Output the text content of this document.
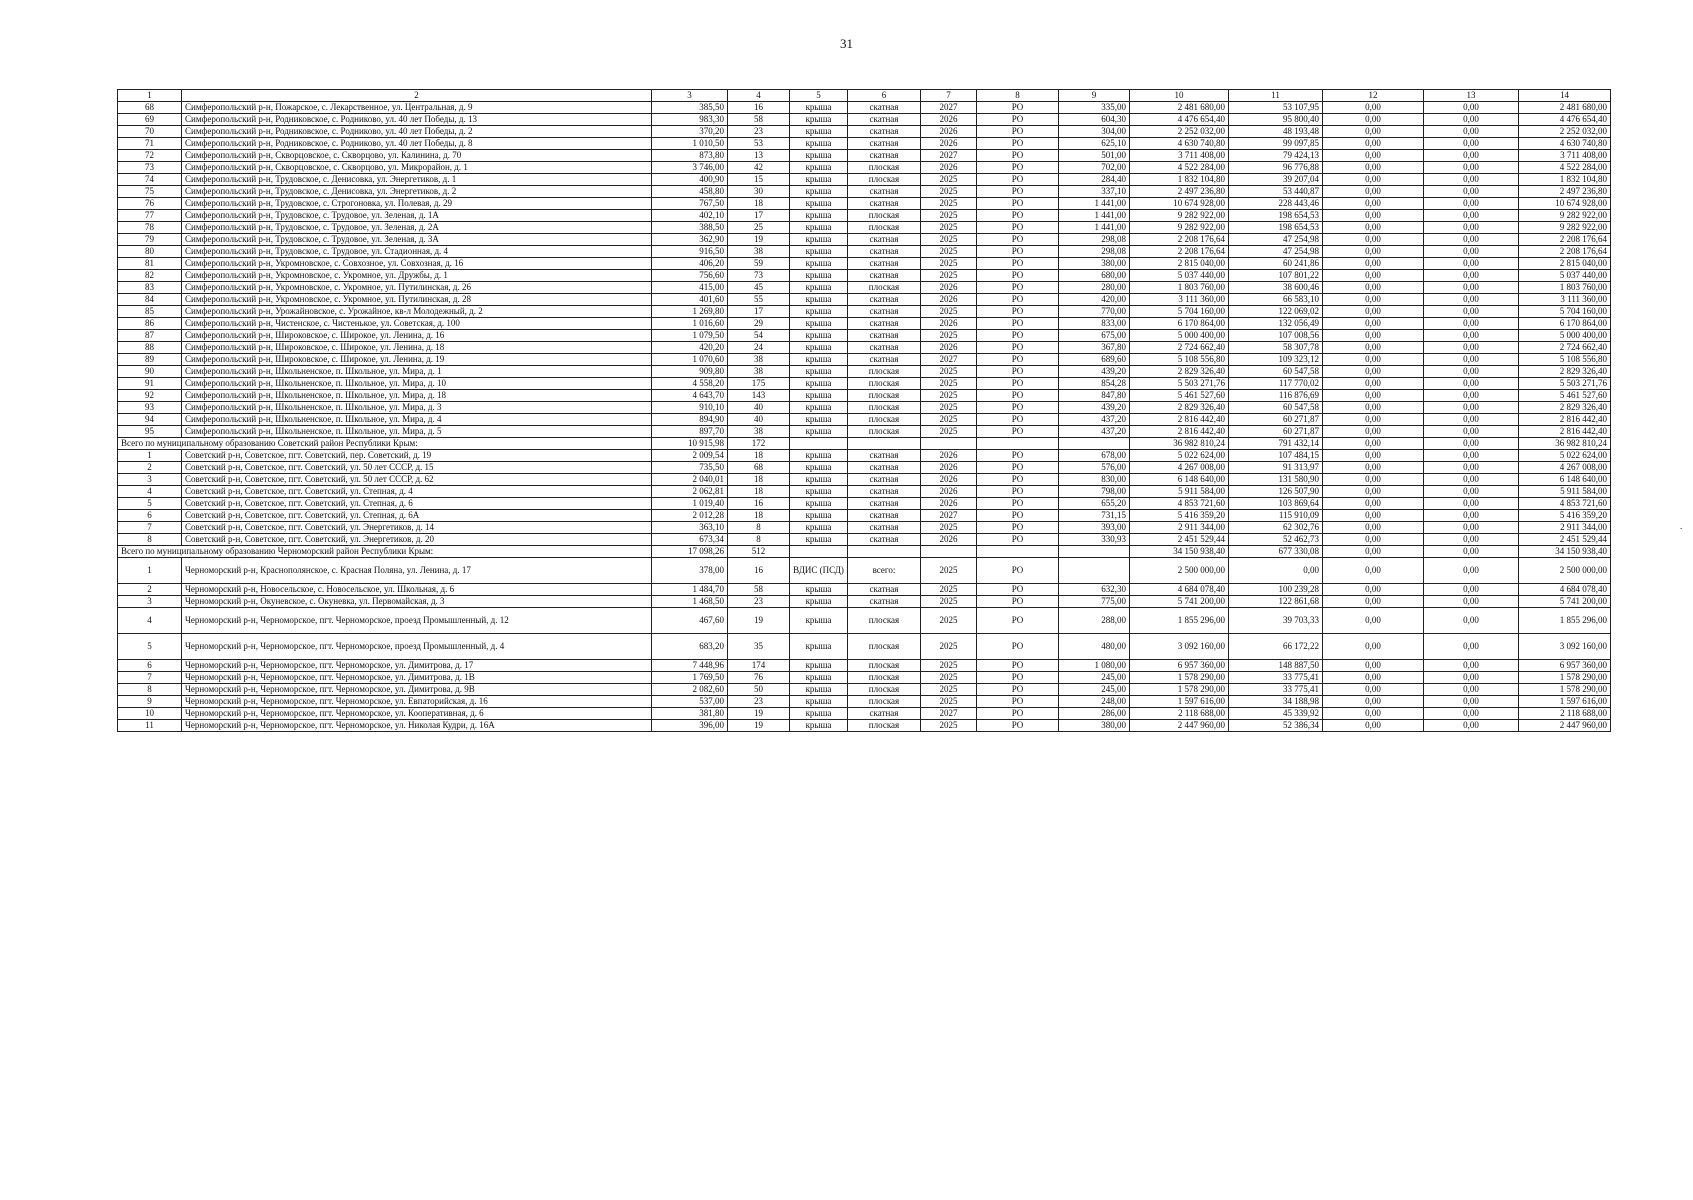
31
1	2	3	4	5	6	7	8	9	10	11	12	13	14
68	Симферопольский р-н, Пожарское, с. Лекарственное, ул. Центральная, д. 9	385,50	16	крыша	скатная	2027	РО	335,00	2 481 680,00	53 107,95	0,00	0,00	2 481 680,00
69	Симферопольский р-н, Родниковское, с. Родниково, ул. 40 лет Победы, д. 13	983,30	58	крыша	скатная	2026	РО	604,30	4 476 654,40	95 800,40	0,00	0,00	4 476 654,40
70	Симферопольский р-н, Родниковское, с. Родниково, ул. 40 лет Победы, д. 2	370,20	23	крыша	скатная	2026	РО	304,00	2 252 032,00	48 193,48	0,00	0,00	2 252 032,00
71	Симферопольский р-н, Родниковское, с. Родниково, ул. 40 лет Победы, д. 8	1 010,50	53	крыша	скатная	2026	РО	625,10	4 630 740,80	99 097,85	0,00	0,00	4 630 740,80
72	Симферопольский р-н, Скворцовское, с. Скворцово, ул. Калинина, д. 70	873,80	13	крыша	скатная	2027	РО	501,00	3 711 408,00	79 424,13	0,00	0,00	3 711 408,00
73	Симферопольский р-н, Скворцовское, с. Скворцово, ул. Микрорайон, д. 1	3 746,00	42	крыша	плоская	2026	РО	702,00	4 522 284,00	96 776,88	0,00	0,00	4 522 284,00
74	Симферопольский р-н, Трудовское, с. Денисовка, ул. Энергетиков, д. 1	400,90	15	крыша	плоская	2025	РО	284,40	1 832 104,80	39 207,04	0,00	0,00	1 832 104,80
75	Симферопольский р-н, Трудовское, с. Денисовка, ул. Энергетиков, д. 2	458,80	30	крыша	скатная	2025	РО	337,10	2 497 236,80	53 440,87	0,00	0,00	2 497 236,80
76	Симферопольский р-н, Трудовское, с. Строгоновка, ул. Полевая, д. 29	767,50	18	крыша	скатная	2025	РО	1 441,00	10 674 928,00	228 443,46	0,00	0,00	10 674 928,00
77	Симферопольский р-н, Трудовское, с. Трудовое, ул. Зеленая, д. 1А	402,10	17	крыша	плоская	2025	РО	1 441,00	9 282 922,00	198 654,53	0,00	0,00	9 282 922,00
78	Симферопольский р-н, Трудовское, с. Трудовое, ул. Зеленая, д. 2А	388,50	25	крыша	плоская	2025	РО	1 441,00	9 282 922,00	198 654,53	0,00	0,00	9 282 922,00
79	Симферопольский р-н, Трудовское, с. Трудовое, ул. Зеленая, д. 3А	362,90	19	крыша	скатная	2025	РО	298,08	2 208 176,64	47 254,98	0,00	0,00	2 208 176,64
80	Симферопольский р-н, Трудовское, с. Трудовое, ул. Стадионная, д. 4	916,50	38	крыша	скатная	2025	РО	298,08	2 208 176,64	47 254,98	0,00	0,00	2 208 176,64
81	Симферопольский р-н, Укромновское, с. Совхозное, ул. Совхозная, д. 16	406,20	59	крыша	скатная	2025	РО	380,00	2 815 040,00	60 241,86	0,00	0,00	2 815 040,00
82	Симферопольский р-н, Укромновское, с. Укромное, ул. Дружбы, д. 1	756,60	73	крыша	скатная	2025	РО	680,00	5 037 440,00	107 801,22	0,00	0,00	5 037 440,00
83	Симферопольский р-н, Укромновское, с. Укромное, ул. Путилинская, д. 26	415,00	45	крыша	плоская	2026	РО	280,00	1 803 760,00	38 600,46	0,00	0,00	1 803 760,00
84	Симферопольский р-н, Укромновское, с. Укромное, ул. Путилинская, д. 28	401,60	55	крыша	скатная	2026	РО	420,00	3 111 360,00	66 583,10	0,00	0,00	3 111 360,00
85	Симферопольский р-н, Урожайновское, с. Урожайное, кв-л Молодежный, д. 2	1 269,80	17	крыша	скатная	2025	РО	770,00	5 704 160,00	122 069,02	0,00	0,00	5 704 160,00
86	Симферопольский р-н, Чистенское, с. Чистенькое, ул. Советская, д. 100	1 016,60	29	крыша	скатная	2026	РО	833,00	6 170 864,00	132 056,49	0,00	0,00	6 170 864,00
87	Симферопольский р-н, Широковское, с. Широкое, ул. Ленина, д. 16	1 079,50	54	крыша	скатная	2025	РО	675,00	5 000 400,00	107 008,56	0,00	0,00	5 000 400,00
88	Симферопольский р-н, Широковское, с. Широкое, ул. Ленина, д. 18	420,20	24	крыша	скатная	2026	РО	367,80	2 724 662,40	58 307,78	0,00	0,00	2 724 662,40
89	Симферопольский р-н, Широковское, с. Широкое, ул. Ленина, д. 19	1 070,60	38	крыша	скатная	2027	РО	689,60	5 108 556,80	109 323,12	0,00	0,00	5 108 556,80
90	Симферопольский р-н, Школьненское, п. Школьное, ул. Мира, д. 1	909,80	38	крыша	плоская	2025	РО	439,20	2 829 326,40	60 547,58	0,00	0,00	2 829 326,40
91	Симферопольский р-н, Школьненское, п. Школьное, ул. Мира, д. 10	4 558,20	175	крыша	плоская	2025	РО	854,28	5 503 271,76	117 770,02	0,00	0,00	5 503 271,76
92	Симферопольский р-н, Школьненское, п. Школьное, ул. Мира, д. 18	4 643,70	143	крыша	плоская	2025	РО	847,80	5 461 527,60	116 876,69	0,00	0,00	5 461 527,60
93	Симферопольский р-н, Школьненское, п. Школьное, ул. Мира, д. 3	910,10	40	крыша	плоская	2025	РО	439,20	2 829 326,40	60 547,58	0,00	0,00	2 829 326,40
94	Симферопольский р-н, Школьненское, п. Школьное, ул. Мира, д. 4	894,90	40	крыша	плоская	2025	РО	437,20	2 816 442,40	60 271,87	0,00	0,00	2 816 442,40
95	Симферопольский р-н, Школьненское, п. Школьное, ул. Мира, д. 5	897,70	38	крыша	плоская	2025	РО	437,20	2 816 442,40	60 271,87	0,00	0,00	2 816 442,40
Всего по муниципальному образованию Советский район Республики Крым:		10 915,98	172						36 982 810,24	791 432,14	0,00	0,00	36 982 810,24
1	Советский р-н, Советское, пгт. Советский, пер. Советский, д. 19	2 009,54	18	крыша	скатная	2026	РО	678,00	5 022 624,00	107 484,15	0,00	0,00	5 022 624,00
2	Советский р-н, Советское, пгт. Советский, ул. 50 лет СССР, д. 15	735,50	68	крыша	скатная	2026	РО	576,00	4 267 008,00	91 313,97	0,00	0,00	4 267 008,00
3	Советский р-н, Советское, пгт. Советский, ул. 50 лет СССР, д. 62	2 040,01	18	крыша	скатная	2026	РО	830,00	6 148 640,00	131 580,90	0,00	0,00	6 148 640,00
4	Советский р-н, Советское, пгт. Советский, ул. Степная, д. 4	2 062,81	18	крыша	скатная	2026	РО	798,00	5 911 584,00	126 507,90	0,00	0,00	5 911 584,00
5	Советский р-н, Советское, пгт. Советский, ул. Степная, д. 6	1 019,40	16	крыша	скатная	2026	РО	655,20	4 853 721,60	103 869,64	0,00	0,00	4 853 721,60
6	Советский р-н, Советское, пгт. Советский, ул. Степная, д. 6А	2 012,28	18	крыша	скатная	2027	РО	731,15	5 416 359,20	115 910,09	0,00	0,00	5 416 359,20
7	Советский р-н, Советское, пгт. Советский, ул. Энергетиков, д. 14	363,10	8	крыша	скатная	2025	РО	393,00	2 911 344,00	62 302,76	0,00	0,00	2 911 344,00
8	Советский р-н, Советское, пгт. Советский, ул. Энергетиков, д. 20	673,34	8	крыша	скатная	2026	РО	330,93	2 451 529,44	52 462,73	0,00	0,00	2 451 529,44
Всего по муниципальному образованию Черноморский район Республики Крым:		17 098,26	512						34 150 938,40	677 330,08	0,00	0,00	34 150 938,40
1	Черноморский р-н, Краснополянское, с. Красная Поляна, ул. Ленина, д. 17	378,00	16	ВДИС (ПСД)	всего:	2025	РО		2 500 000,00	0,00	0,00	0,00	2 500 000,00
2	Черноморский р-н, Новосельское, с. Новосельское, ул. Школьная, д. 6	1 484,70	58	крыша	скатная	2025	РО	632,30	4 684 078,40	100 239,28	0,00	0,00	4 684 078,40
3	Черноморский р-н, Окуневское, с. Окуневка, ул. Первомайская, д. 3	1 468,50	23	крыша	скатная	2025	РО	775,00	5 741 200,00	122 861,68	0,00	0,00	5 741 200,00
4	Черноморский р-н, Черноморское, пгт. Черноморское, проезд Промышленный, д. 12	467,60	19	крыша	плоская	2025	РО	288,00	1 855 296,00	39 703,33	0,00	0,00	1 855 296,00
5	Черноморский р-н, Черноморское, пгт. Черноморское, проезд Промышленный, д. 4	683,20	35	крыша	плоская	2025	РО	480,00	3 092 160,00	66 172,22	0,00	0,00	3 092 160,00
6	Черноморский р-н, Черноморское, пгт. Черноморское, ул. Димитрова, д. 17	7 448,96	174	крыша	плоская	2025	РО	1 080,00	6 957 360,00	148 887,50	0,00	0,00	6 957 360,00
7	Черноморский р-н, Черноморское, пгт. Черноморское, ул. Димитрова, д. 1В	1 769,50	76	крыша	плоская	2025	РО	245,00	1 578 290,00	33 775,41	0,00	0,00	1 578 290,00
8	Черноморский р-н, Черноморское, пгт. Черноморское, ул. Димитрова, д. 9В	2 082,60	50	крыша	плоская	2025	РО	245,00	1 578 290,00	33 775,41	0,00	0,00	1 578 290,00
9	Черноморский р-н, Черноморское, пгт. Черноморское, ул. Евпаторийская, д. 16	537,00	23	крыша	плоская	2025	РО	248,00	1 597 616,00	34 188,98	0,00	0,00	1 597 616,00
10	Черноморский р-н, Черноморское, пгт. Черноморское, ул. Кооперативная, д. 6	381,80	19	крыша	скатная	2027	РО	286,00	2 118 688,00	45 339,92	0,00	0,00	2 118 688,00
11	Черноморский р-н, Черноморское, пгт. Черноморское, ул. Николая Кудри, д. 16А	396,00	19	крыша	плоская	2025	РО	380,00	2 447 960,00	52 386,34	0,00	0,00	2 447 960,00
.
